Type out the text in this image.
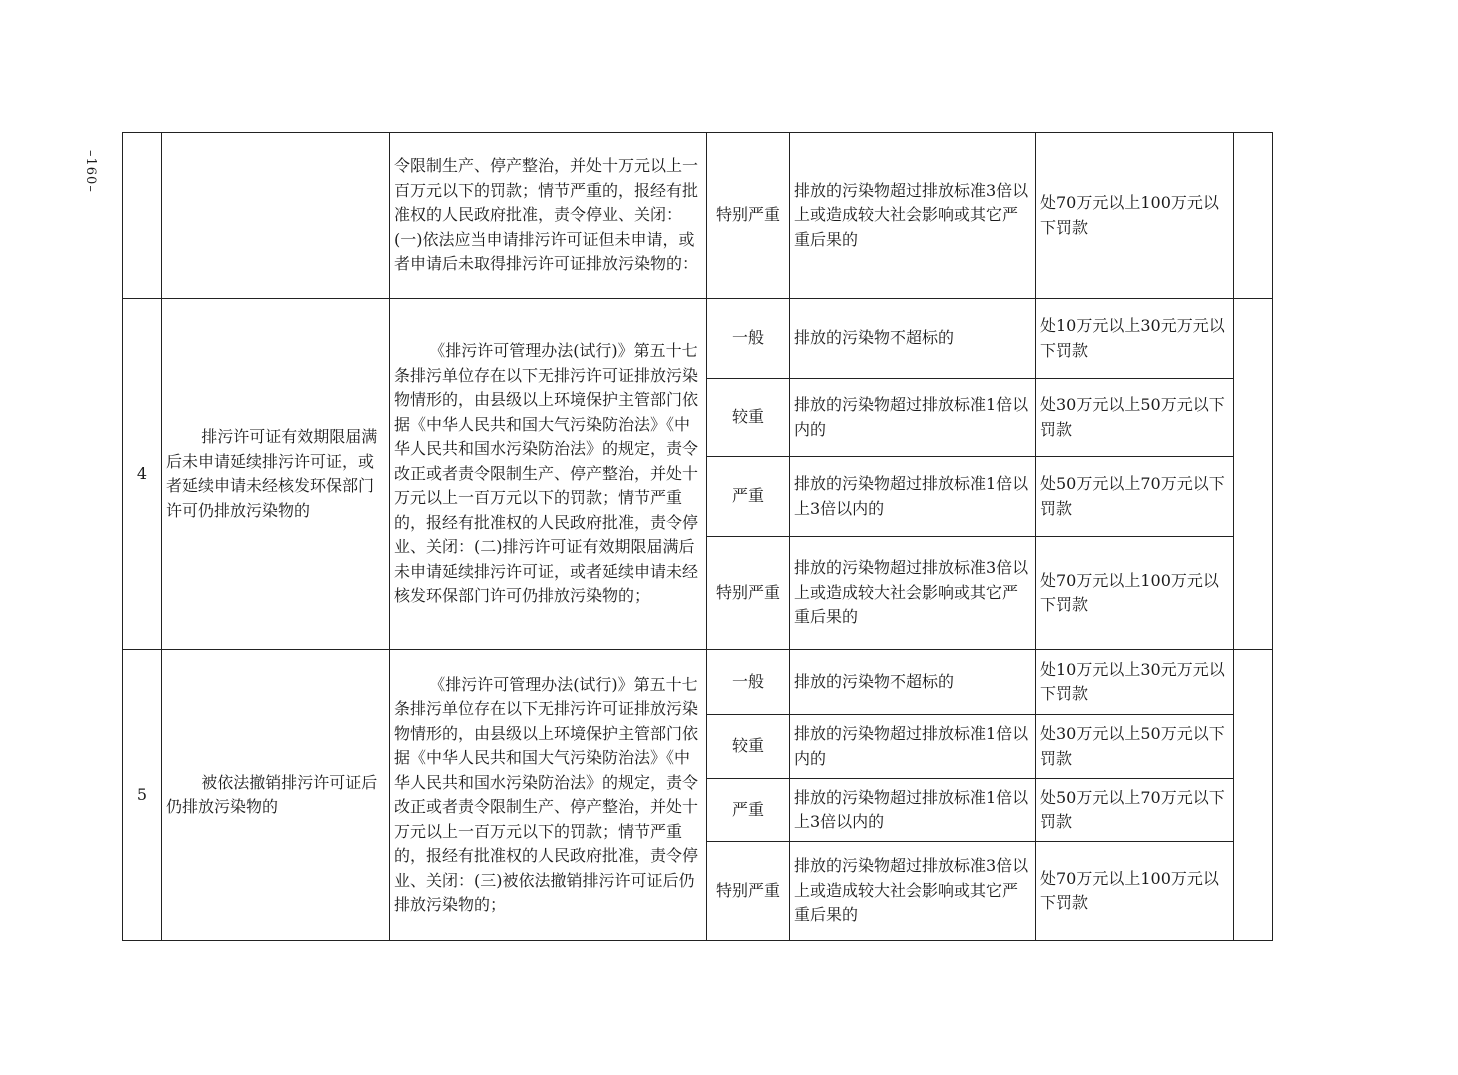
–160–

		令限制生产、停产整治，并处十万元以上一百万元以下的罚款；情节严重的，报经有批准权的人民政府批准，责令停业、关闭：(一)依法应当申请排污许可证但未申请，或者申请后未取得排污许可证排放污染物的：	特别严重	排放的污染物超过排放标准3倍以上或造成较大社会影响或其它严重后果的	处70万元以上100万元以下罚款	
4	排污许可证有效期限届满后未申请延续排污许可证，或者延续申请未经核发环保部门许可仍排放污染物的	《排污许可管理办法(试行)》第五十七条排污单位存在以下无排污许可证排放污染物情形的，由县级以上环境保护主管部门依据《中华人民共和国大气污染防治法》《中华人民共和国水污染防治法》的规定，责令改正或者责令限制生产、停产整治，并处十万元以上一百万元以下的罚款；情节严重的，报经有批准权的人民政府批准，责令停业、关闭：(二)排污许可证有效期限届满后未申请延续排污许可证，或者延续申请未经核发环保部门许可仍排放污染物的；	一般	排放的污染物不超标的	处10万元以上30元万元以下罚款	
			较重	排放的污染物超过排放标准1倍以内的	处30万元以上50万元以下罚款	
			严重	排放的污染物超过排放标准1倍以上3倍以内的	处50万元以上70万元以下罚款	
			特别严重	排放的污染物超过排放标准3倍以上或造成较大社会影响或其它严重后果的	处70万元以上100万元以下罚款	
5	被依法撤销排污许可证后仍排放污染物的	《排污许可管理办法(试行)》第五十七条排污单位存在以下无排污许可证排放污染物情形的，由县级以上环境保护主管部门依据《中华人民共和国大气污染防治法》《中华人民共和国水污染防治法》的规定，责令改正或者责令限制生产、停产整治，并处十万元以上一百万元以下的罚款；情节严重的，报经有批准权的人民政府批准，责令停业、关闭：(三)被依法撤销排污许可证后仍排放污染物的；	一般	排放的污染物不超标的	处10万元以上30元万元以下罚款	
			较重	排放的污染物超过排放标准1倍以内的	处30万元以上50万元以下罚款	
			严重	排放的污染物超过排放标准1倍以上3倍以内的	处50万元以上70万元以下罚款	
			特别严重	排放的污染物超过排放标准3倍以上或造成较大社会影响或其它严重后果的	处70万元以上100万元以下罚款	
